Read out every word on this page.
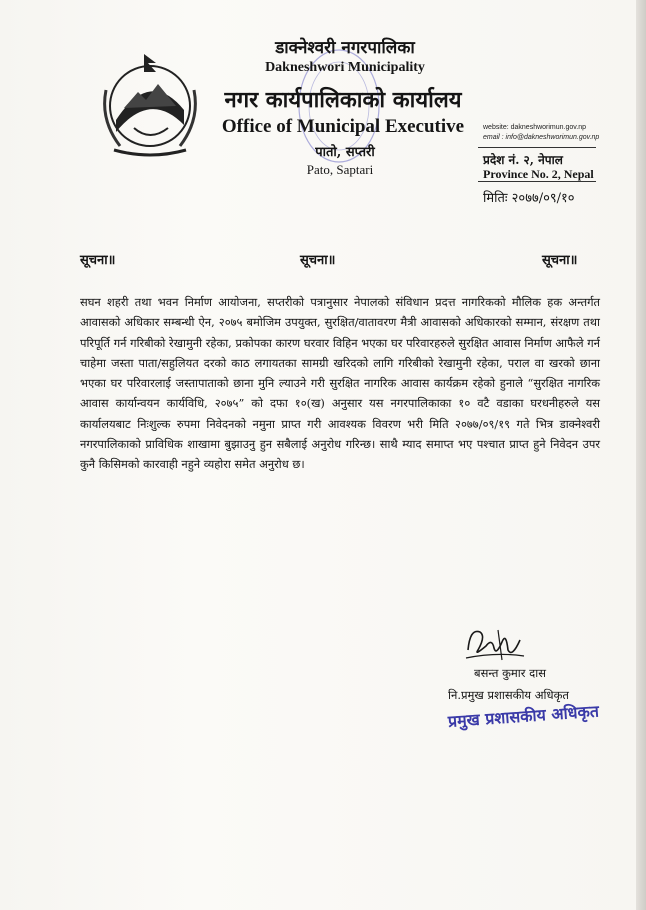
डाक्नेश्वरी नगरपालिका
Dakneshwori Municipality
नगर कार्यपालिकाको कार्यालय
Office of Municipal Executive
पातो, सप्तरी
Pato, Saptari
website: dakneshworimun.gov.np
email : info@dakneshworimun.gov.np
प्रदेश नं. २, नेपाल
Province No. 2, Nepal
मितिः २०७७/०९/१०
सूचना॥	सूचना॥	सूचना॥
सघन शहरी तथा भवन निर्माण आयोजना, सप्तरीको पत्रानुसार नेपालको संविधान प्रदत्त नागरिकको मौलिक हक अन्तर्गत आवासको अधिकार सम्बन्धी ऐन, २०७५ बमोजिम उपयुक्त, सुरक्षित/वातावरण मैत्री आवासको अधिकारको सम्मान, संरक्षण तथा परिपूर्ति गर्न गरिबीको रेखामुनी रहेका, प्रकोपका कारण घरवार विहिन भएका घर परिवारहरुले सुरक्षित आवास निर्माण आफैले गर्न चाहेमा जस्ता पाता/सहुलियत दरको काठ लगायतका सामग्री खरिदको लागि गरिबीको रेखामुनी रहेका, पराल वा खरको छाना भएका घर परिवारलाई जस्तापाताको छाना मुनि ल्याउने गरी सुरक्षित नागरिक आवास कार्यक्रम रहेको हुनाले “सुरक्षित नागरिक आवास कार्यान्वयन कार्यविधि, २०७५” को दफा १०(ख) अनुसार यस नगरपालिकाका १० वटै वडाका घरधनीहरुले यस कार्यालयबाट निःशुल्क रुपमा निवेदनको नमुना प्राप्त गरी आवश्यक विवरण भरी मिति २०७७/०९/१९ गते भित्र डाक्नेश्वरी नगरपालिकाको प्राविधिक शाखामा बुझाउनु हुन सबैलाई अनुरोध गरिन्छ। साथै म्याद समाप्त भए पश्चात प्राप्त हुने निवेदन उपर कुनै किसिमको कारवाही नहुने व्यहोरा समेत अनुरोध छ।
बसन्त कुमार दास
नि.प्रमुख प्रशासकीय अधिकृत
प्रमुख प्रशासकीय अधिकृत
